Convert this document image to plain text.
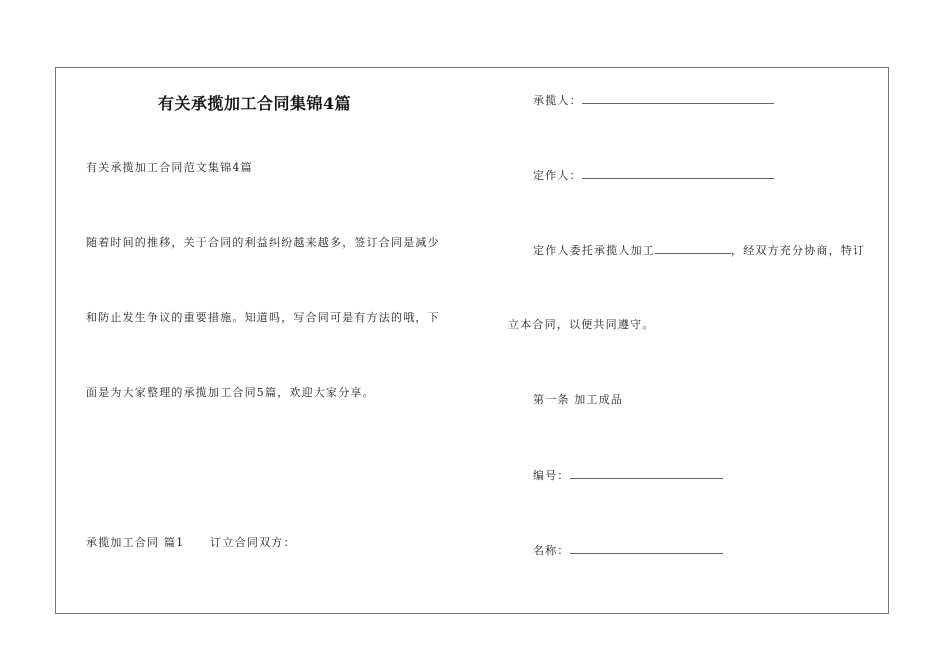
有关承揽加工合同集锦4篇
有关承揽加工合同范文集锦4篇
随着时间的推移，关于合同的利益纠纷越来越多，签订合同是减少
和防止发生争议的重要措施。知道吗，写合同可是有方法的哦，下
面是为大家整理的承揽加工合同5篇，欢迎大家分享。
承揽加工合同 篇1 订立合同双方：
承揽人：
定作人：
定作人委托承揽人加工	，经双方充分协商，特订
立本合同，以便共同遵守。
第一条 加工成品
编号：
名称：
